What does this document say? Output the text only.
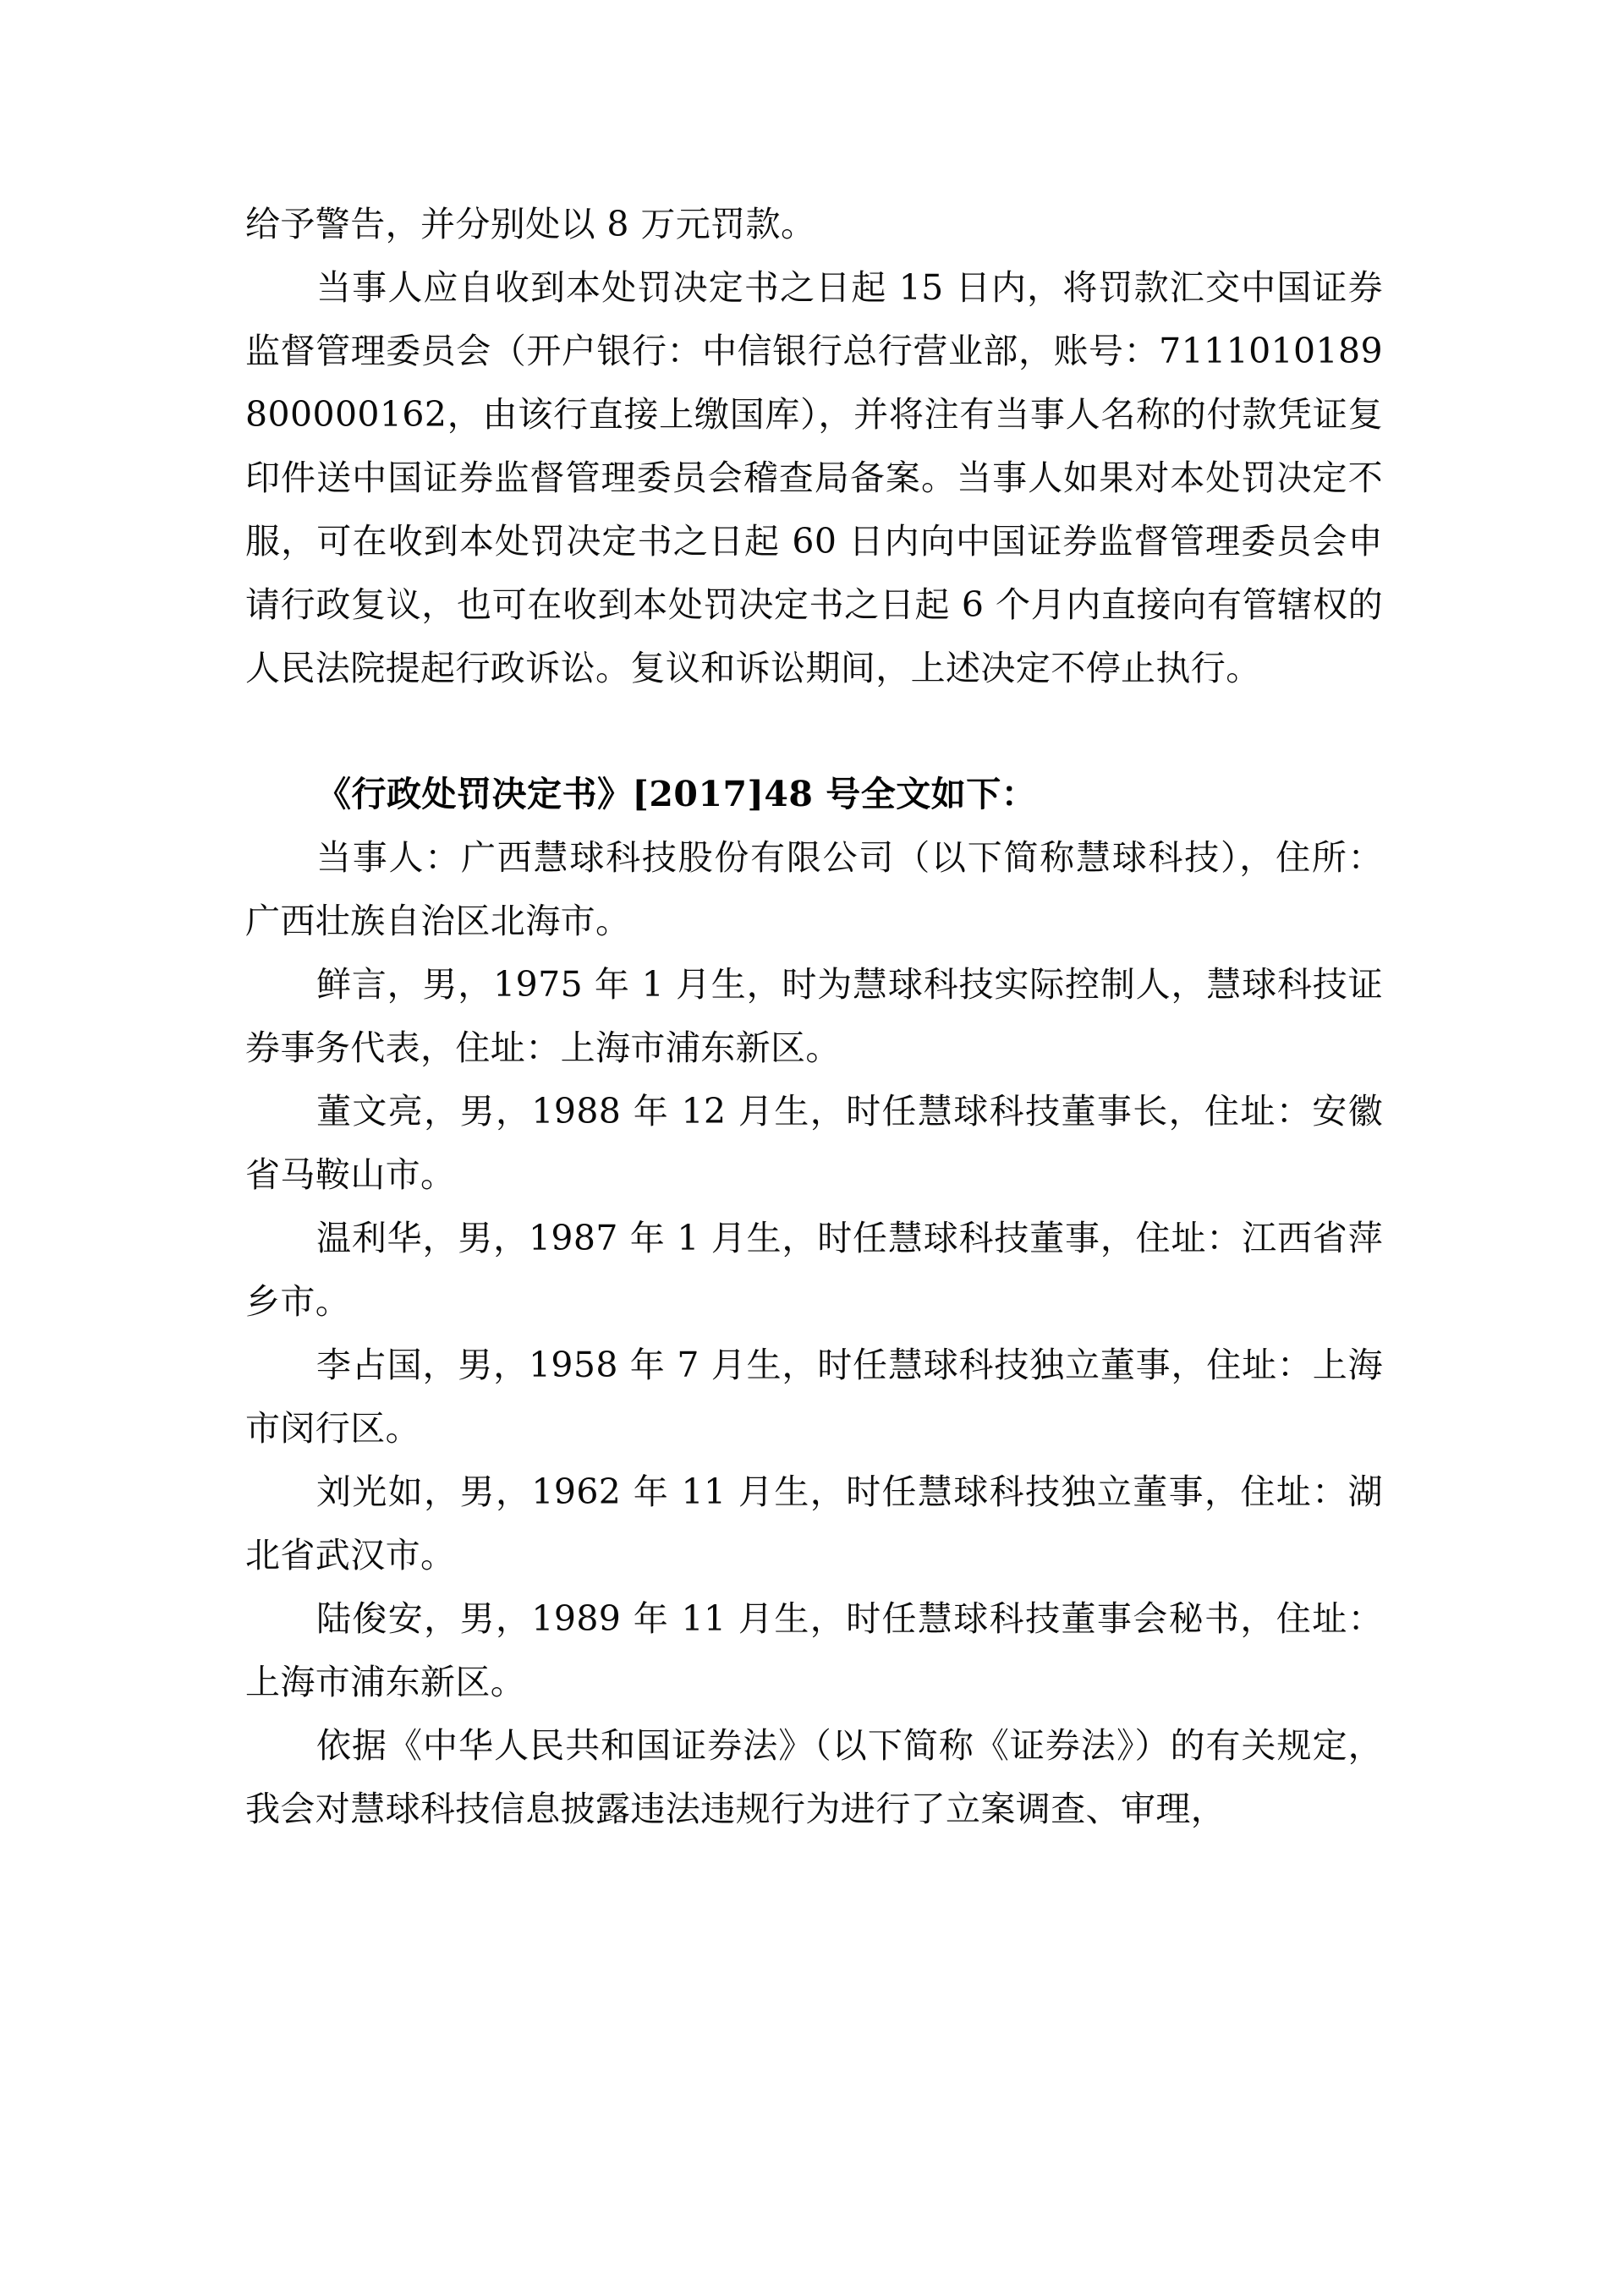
给予警告，并分别处以 8 万元罚款。

当事人应自收到本处罚决定书之日起 15 日内，将罚款汇交中国证券监督管理委员会（开户银行：中信银行总行营业部，账号：7111010189800000162，由该行直接上缴国库），并将注有当事人名称的付款凭证复印件送中国证券监督管理委员会稽查局备案。当事人如果对本处罚决定不服，可在收到本处罚决定书之日起 60 日内向中国证券监督管理委员会申请行政复议，也可在收到本处罚决定书之日起 6 个月内直接向有管辖权的人民法院提起行政诉讼。复议和诉讼期间，上述决定不停止执行。

《行政处罚决定书》[2017]48 号全文如下：

当事人：广西慧球科技股份有限公司（以下简称慧球科技），住所：广西壮族自治区北海市。

鲜言，男，1975 年 1 月生，时为慧球科技实际控制人，慧球科技证券事务代表，住址：上海市浦东新区。

董文亮，男，1988 年 12 月生，时任慧球科技董事长，住址：安徽省马鞍山市。

温利华，男，1987 年 1 月生，时任慧球科技董事，住址：江西省萍乡市。

李占国，男，1958 年 7 月生，时任慧球科技独立董事，住址：上海市闵行区。

刘光如，男，1962 年 11 月生，时任慧球科技独立董事，住址：湖北省武汉市。

陆俊安，男，1989 年 11 月生，时任慧球科技董事会秘书，住址：上海市浦东新区。

依据《中华人民共和国证券法》（以下简称《证券法》）的有关规定，我会对慧球科技信息披露违法违规行为进行了立案调查、审理，
